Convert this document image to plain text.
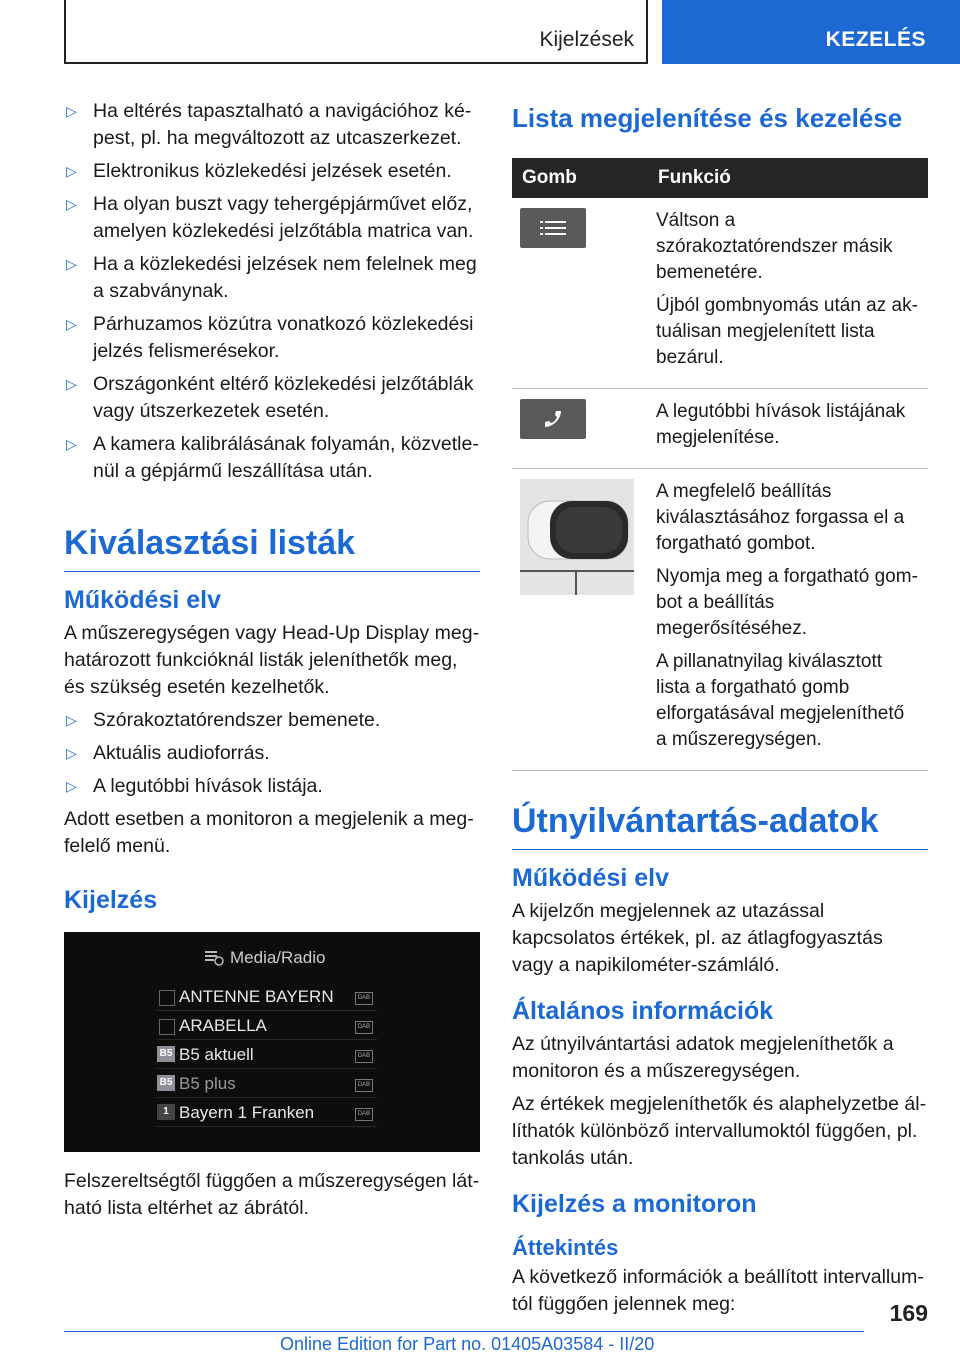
Kijelzések	KEZELÉS
▷ Ha eltérés tapasztalható a navigációhoz képest, pl. ha megváltozott az utcaszerkezet.
▷ Elektronikus közlekedési jelzések esetén.
▷ Ha olyan buszt vagy tehergépjárművet előz, amelyen közlekedési jelzőtábla matrica van.
▷ Ha a közlekedési jelzések nem felelnek meg a szabványnak.
▷ Párhuzamos közútra vonatkozó közlekedési jelzés felismerésekor.
▷ Országonként eltérő közlekedési jelzőtáblák vagy útszerkezetek esetén.
▷ A kamera kalibrálásának folyamán, közvetlenül a gépjármű leszállítása után.
Kiválasztási listák
Működési elv

A műszeregységen vagy Head-Up Display meghatározott funkcióknál listák jeleníthetők meg, és szükség esetén kezelhetők.

▷ Szórakoztatórendszer bemenete.
▷ Aktuális audioforrás.
▷ A legutóbbi hívások listája.

Adott esetben a monitoron a megjelenik a megfelelő menü.

Kijelzés
Media/Radio
ANTENNE BAYERN	DAB
ARABELLA	DAB
B5 B5 aktuell	DAB
B5 B5 plus	DAB
1 Bayern 1 Franken	DAB

Felszereltségtől függően a műszeregységen látható lista eltérhet az ábrától.

Lista megjelenítése és kezelése
Gomb	Funkció

Váltson a szórakoztatórendszer másik bemenetére.

Újból gombnyomás után az aktuálisan megjelenített lista bezárul.

A legutóbbi hívások listájának megjelenítése.

A megfelelő beállítás kiválasztásához forgassa el a forgatható gombot.

Nyomja meg a forgatható gombot a beállítás megerősítéséhez.

A pillanatnyilag kiválasztott lista a forgatható gomb elforgatásával megjeleníthető a műszeregységen.

Útnyilvántartás-adatok
Működési elv

A kijelzőn megjelennek az utazással kapcsolatos értékek, pl. az átlagfogyasztás vagy a napikilométer-számláló.

Általános információk

Az útnyilvántartási adatok megjeleníthetők a monitoron és a műszeregységen.

Az értékek megjeleníthetők és alaphelyzetbe állíthatók különböző intervallumoktól függően, pl. tankolás után.

Kijelzés a monitoron
Áttekintés

A következő információk a beállított intervallumtól függően jelennek meg:	169
Online Edition for Part no. 01405A03584 - II/20
